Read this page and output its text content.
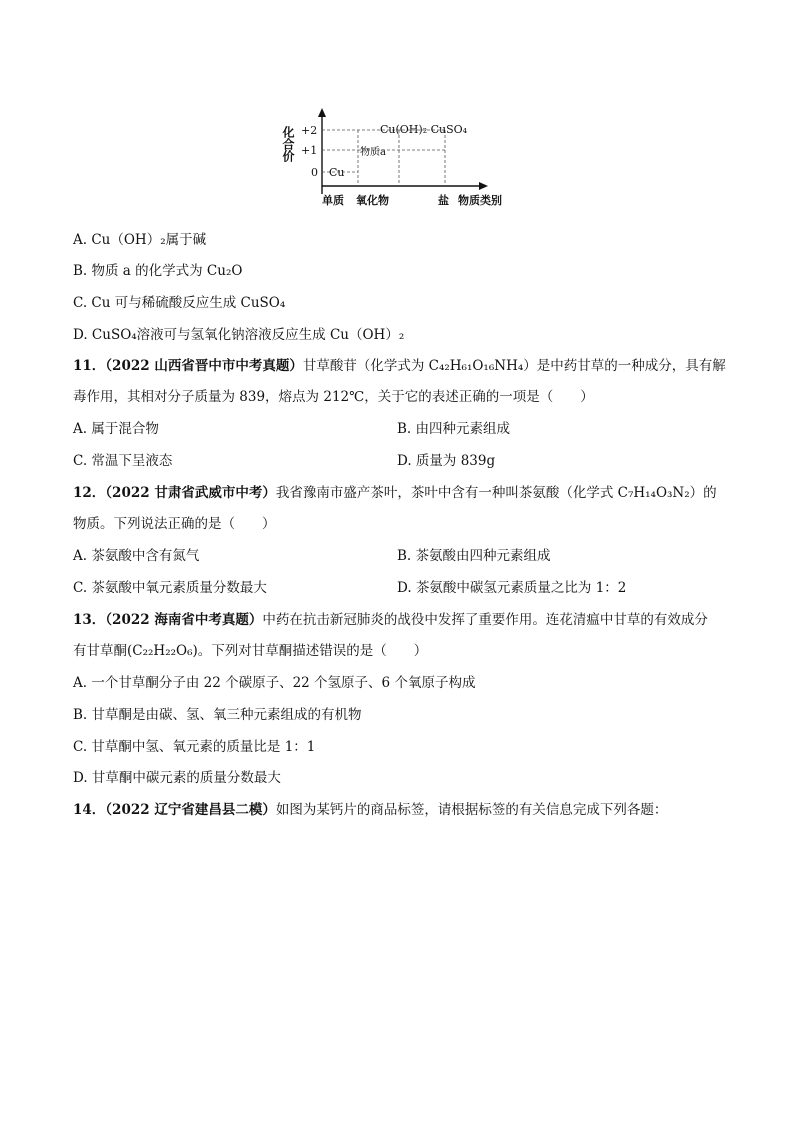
化合价 +2
+1
0
Cu(OH)₂ CuSO₄
物质a
Cu
单质 氧化物	盐 物质类别
A. Cu（OH）₂属于碱
B. 物质 a 的化学式为 Cu₂O
C. Cu 可与稀硫酸反应生成 CuSO₄
D. CuSO₄溶液可与氢氧化钠溶液反应生成 Cu（OH）₂
11．（2022 山西省晋中市中考真题）甘草酸苷（化学式为 C₄₂H₆₁O₁₆NH₄）是中药甘草的一种成分，具有解
毒作用，其相对分子质量为 839，熔点为 212℃，关于它的表述正确的一项是（　　）
A. 属于混合物	B. 由四种元素组成
C. 常温下呈液态	D. 质量为 839g
12．（2022 甘肃省武威市中考）我省豫南市盛产茶叶，茶叶中含有一种叫茶氨酸（化学式 C₇H₁₄O₃N₂）的
物质。下列说法正确的是（　　）
A. 茶氨酸中含有氮气	B. 茶氨酸由四种元素组成
C. 茶氨酸中氧元素质量分数最大	D. 茶氨酸中碳氢元素质量之比为 1：2
13．（2022 海南省中考真题）中药在抗击新冠肺炎的战役中发挥了重要作用。连花清瘟中甘草的有效成分
有甘草酮(C₂₂H₂₂O₆)。下列对甘草酮描述错误的是（　　）
A. 一个甘草酮分子由 22 个碳原子、22 个氢原子、6 个氧原子构成
B. 甘草酮是由碳、氢、氧三种元素组成的有机物
C. 甘草酮中氢、氧元素的质量比是 1：1
D. 甘草酮中碳元素的质量分数最大
14．（2022 辽宁省建昌县二模）如图为某钙片的商品标签，请根据标签的有关信息完成下列各题：
